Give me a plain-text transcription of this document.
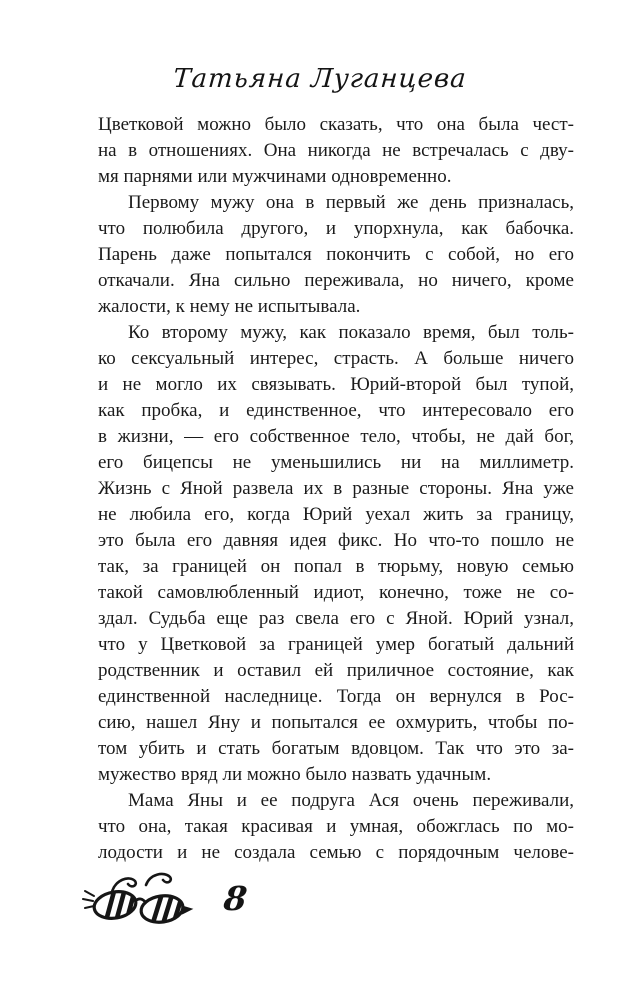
Татьяна Луганцева
Цветковой можно было сказать, что она была чест-
на в отношениях. Она никогда не встречалась с дву-
мя парнями или мужчинами одновременно.
Первому мужу она в первый же день призналась,
что полюбила другого, и упорхнула, как бабочка.
Парень даже попытался покончить с собой, но его
откачали. Яна сильно переживала, но ничего, кроме
жалости, к нему не испытывала.
Ко второму мужу, как показало время, был толь-
ко сексуальный интерес, страсть. А больше ничего
и не могло их связывать. Юрий-второй был тупой,
как пробка, и единственное, что интересовало его
в жизни, — его собственное тело, чтобы, не дай бог,
его бицепсы не уменьшились ни на миллиметр.
Жизнь с Яной развела их в разные стороны. Яна уже
не любила его, когда Юрий уехал жить за границу,
это была его давняя идея фикс. Но что-то пошло не
так, за границей он попал в тюрьму, новую семью
такой самовлюбленный идиот, конечно, тоже не со-
здал. Судьба еще раз свела его с Яной. Юрий узнал,
что у Цветковой за границей умер богатый дальний
родственник и оставил ей приличное состояние, как
единственной наследнице. Тогда он вернулся в Рос-
сию, нашел Яну и попытался ее охмурить, чтобы по-
том убить и стать богатым вдовцом. Так что это за-
мужество вряд ли можно было назвать удачным.
Мама Яны и ее подруга Ася очень переживали,
что она, такая красивая и умная, обожглась по мо-
лодости и не создала семью с порядочным челове-
8
